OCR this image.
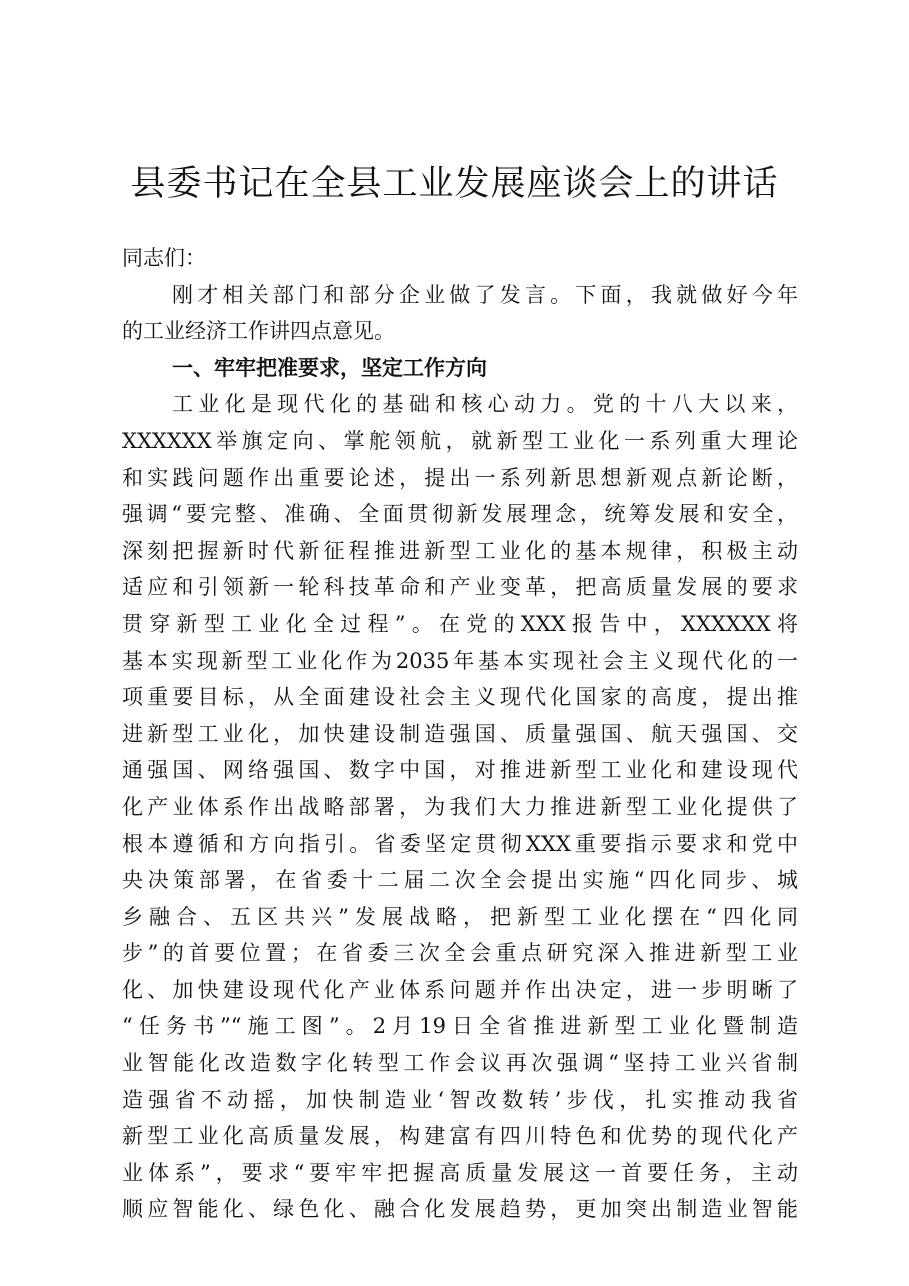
县委书记在全县工业发展座谈会上的讲话
同志们：
刚才相关部门和部分企业做了发言。下面，我就做好今年
的工业经济工作讲四点意见。
一、牢牢把准要求，坚定工作方向
工业化是现代化的基础和核心动力。党的十八大以来，
XXXXXX举旗定向、掌舵领航，就新型工业化一系列重大理论
和实践问题作出重要论述，提出一系列新思想新观点新论断，
强调“要完整、准确、全面贯彻新发展理念，统筹发展和安全，
深刻把握新时代新征程推进新型工业化的基本规律，积极主动
适应和引领新一轮科技革命和产业变革，把高质量发展的要求
贯穿新型工业化全过程”。在党的XXX报告中，XXXXXX将
基本实现新型工业化作为2035年基本实现社会主义现代化的一
项重要目标，从全面建设社会主义现代化国家的高度，提出推
进新型工业化，加快建设制造强国、质量强国、航天强国、交
通强国、网络强国、数字中国，对推进新型工业化和建设现代
化产业体系作出战略部署，为我们大力推进新型工业化提供了
根本遵循和方向指引。省委坚定贯彻XXX重要指示要求和党中
央决策部署，在省委十二届二次全会提出实施“四化同步、城
乡融合、五区共兴”发展战略，把新型工业化摆在“四化同
步”的首要位置；在省委三次全会重点研究深入推进新型工业
化、加快建设现代化产业体系问题并作出决定，进一步明晰了
“任务书”“施工图”。2月19日全省推进新型工业化暨制造
业智能化改造数字化转型工作会议再次强调“坚持工业兴省制
造强省不动摇，加快制造业‘智改数转’步伐，扎实推动我省
新型工业化高质量发展，构建富有四川特色和优势的现代化产
业体系”，要求“要牢牢把握高质量发展这一首要任务，主动
顺应智能化、绿色化、融合化发展趋势，更加突出制造业智能
